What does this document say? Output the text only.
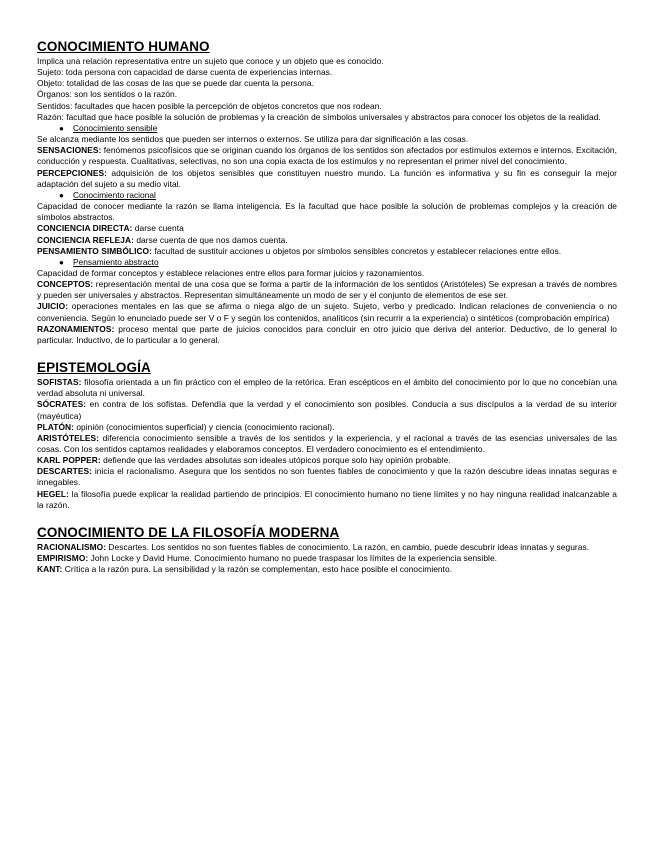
CONOCIMIENTO HUMANO

Implica una relación representativa entre un sujeto que conoce y un objeto que es conocido.

Sujeto: toda persona con capacidad de darse cuenta de experiencias internas.

Objeto: totalidad de las cosas de las que se puede dar cuenta la persona.

Órganos: son los sentidos o la razón.

Sentidos: facultades que hacen posible la percepción de objetos concretos que nos rodean.

Razón: facultad que hace posible la solución de problemas y la creación de símbolos universales y abstractos para conocer los objetos de la realidad.

● Conocimiento sensible

Se alcanza mediante los sentidos que pueden ser internos o externos. Se utiliza para dar significación a las cosas.

SENSACIONES: fenómenos psicofísicos que se originan cuando los órganos de los sentidos son afectados por estímulos externos e internos. Excitación, conducción y respuesta. Cualitativas, selectivas, no son una copia exacta de los estímulos y no representan el primer nivel del conocimiento.

PERCEPCIONES: adquisición de los objetos sensibles que constituyen nuestro mundo. La función es informativa y su fin es conseguir la mejor adaptación del sujeto a su medio vital.

● Conocimiento racional

Capacidad de conocer mediante la razón se llama inteligencia. Es la facultad que hace posible la solución de problemas complejos y la creación de símbolos abstractos.

CONCIENCIA DIRECTA: darse cuenta

CONCIENCIA REFLEJA: darse cuenta de que nos damos cuenta.

PENSAMIENTO SIMBÓLICO: facultad de sustituir acciones u objetos por símbolos sensibles concretos y establecer relaciones entre ellos.

● Pensamiento abstracto

Capacidad de formar conceptos y establece relaciones entre ellos para formar juicios y razonamientos.

CONCEPTOS: representación mental de una cosa que se forma a partir de la información de los sentidos (Aristóteles) Se expresan a través de nombres y pueden ser universales y abstractos. Representan simultáneamente un modo de ser y el conjunto de elementos de ese ser.

JUICIO: operaciones mentales en las que se afirma o niega algo de un sujeto. Sujeto, verbo y predicado. Indican relaciones de conveniencia o no conveniencia. Según lo enunciado puede ser V o F y según los contenidos, analíticos (sin recurrir a la experiencia) o sintéticos (comprobación empírica)

RAZONAMIENTOS: proceso mental que parte de juicios conocidos para concluir en otro juicio que deriva del anterior. Deductivo, de lo general lo particular. Inductivo, de lo particular a lo general.

EPISTEMOLOGÍA

SOFISTAS: filosofía orientada a un fin práctico con el empleo de la retórica. Eran escépticos en el ámbito del conocimiento por lo que no concebían una verdad absoluta ni universal.

SÓCRATES: en contra de los sofistas. Defendía que la verdad y el conocimiento son posibles. Conducía a sus discípulos a la verdad de su interior (mayéutica)

PLATÓN: opinión (conocimientos superficial) y ciencia (conocimiento racional).

ARISTÓTELES: diferencia conocimiento sensible a través de los sentidos y la experiencia, y el racional a través de las esencias universales de las cosas. Con los sentidos captamos realidades y elaboramos conceptos. El verdadero conocimiento es el entendimiento.

KARL POPPER: defiende que las verdades absolutas son ideales utópicos porque solo hay opinión probable.

DESCARTES: inicia el racionalismo. Asegura que los sentidos no son fuentes fiables de conocimiento y que la razón descubre ideas innatas seguras e innegables.

HEGEL: la filosofía puede explicar la realidad partiendo de principios. El conocimiento humano no tiene límites y no hay ninguna realidad inalcanzable a la razón.

CONOCIMIENTO DE LA FILOSOFÍA MODERNA

RACIONALISMO: Descartes. Los sentidos no son fuentes fiables de conocimiento. La razón, en cambio, puede descubrir ideas innatas y seguras.

EMPIRISMO: John Locke y David Hume. Conocimiento humano no puede traspasar los límites de la experiencia sensible.

KANT: Crítica a la razón pura. La sensibilidad y la razón se complementan, esto hace posible el conocimiento.
